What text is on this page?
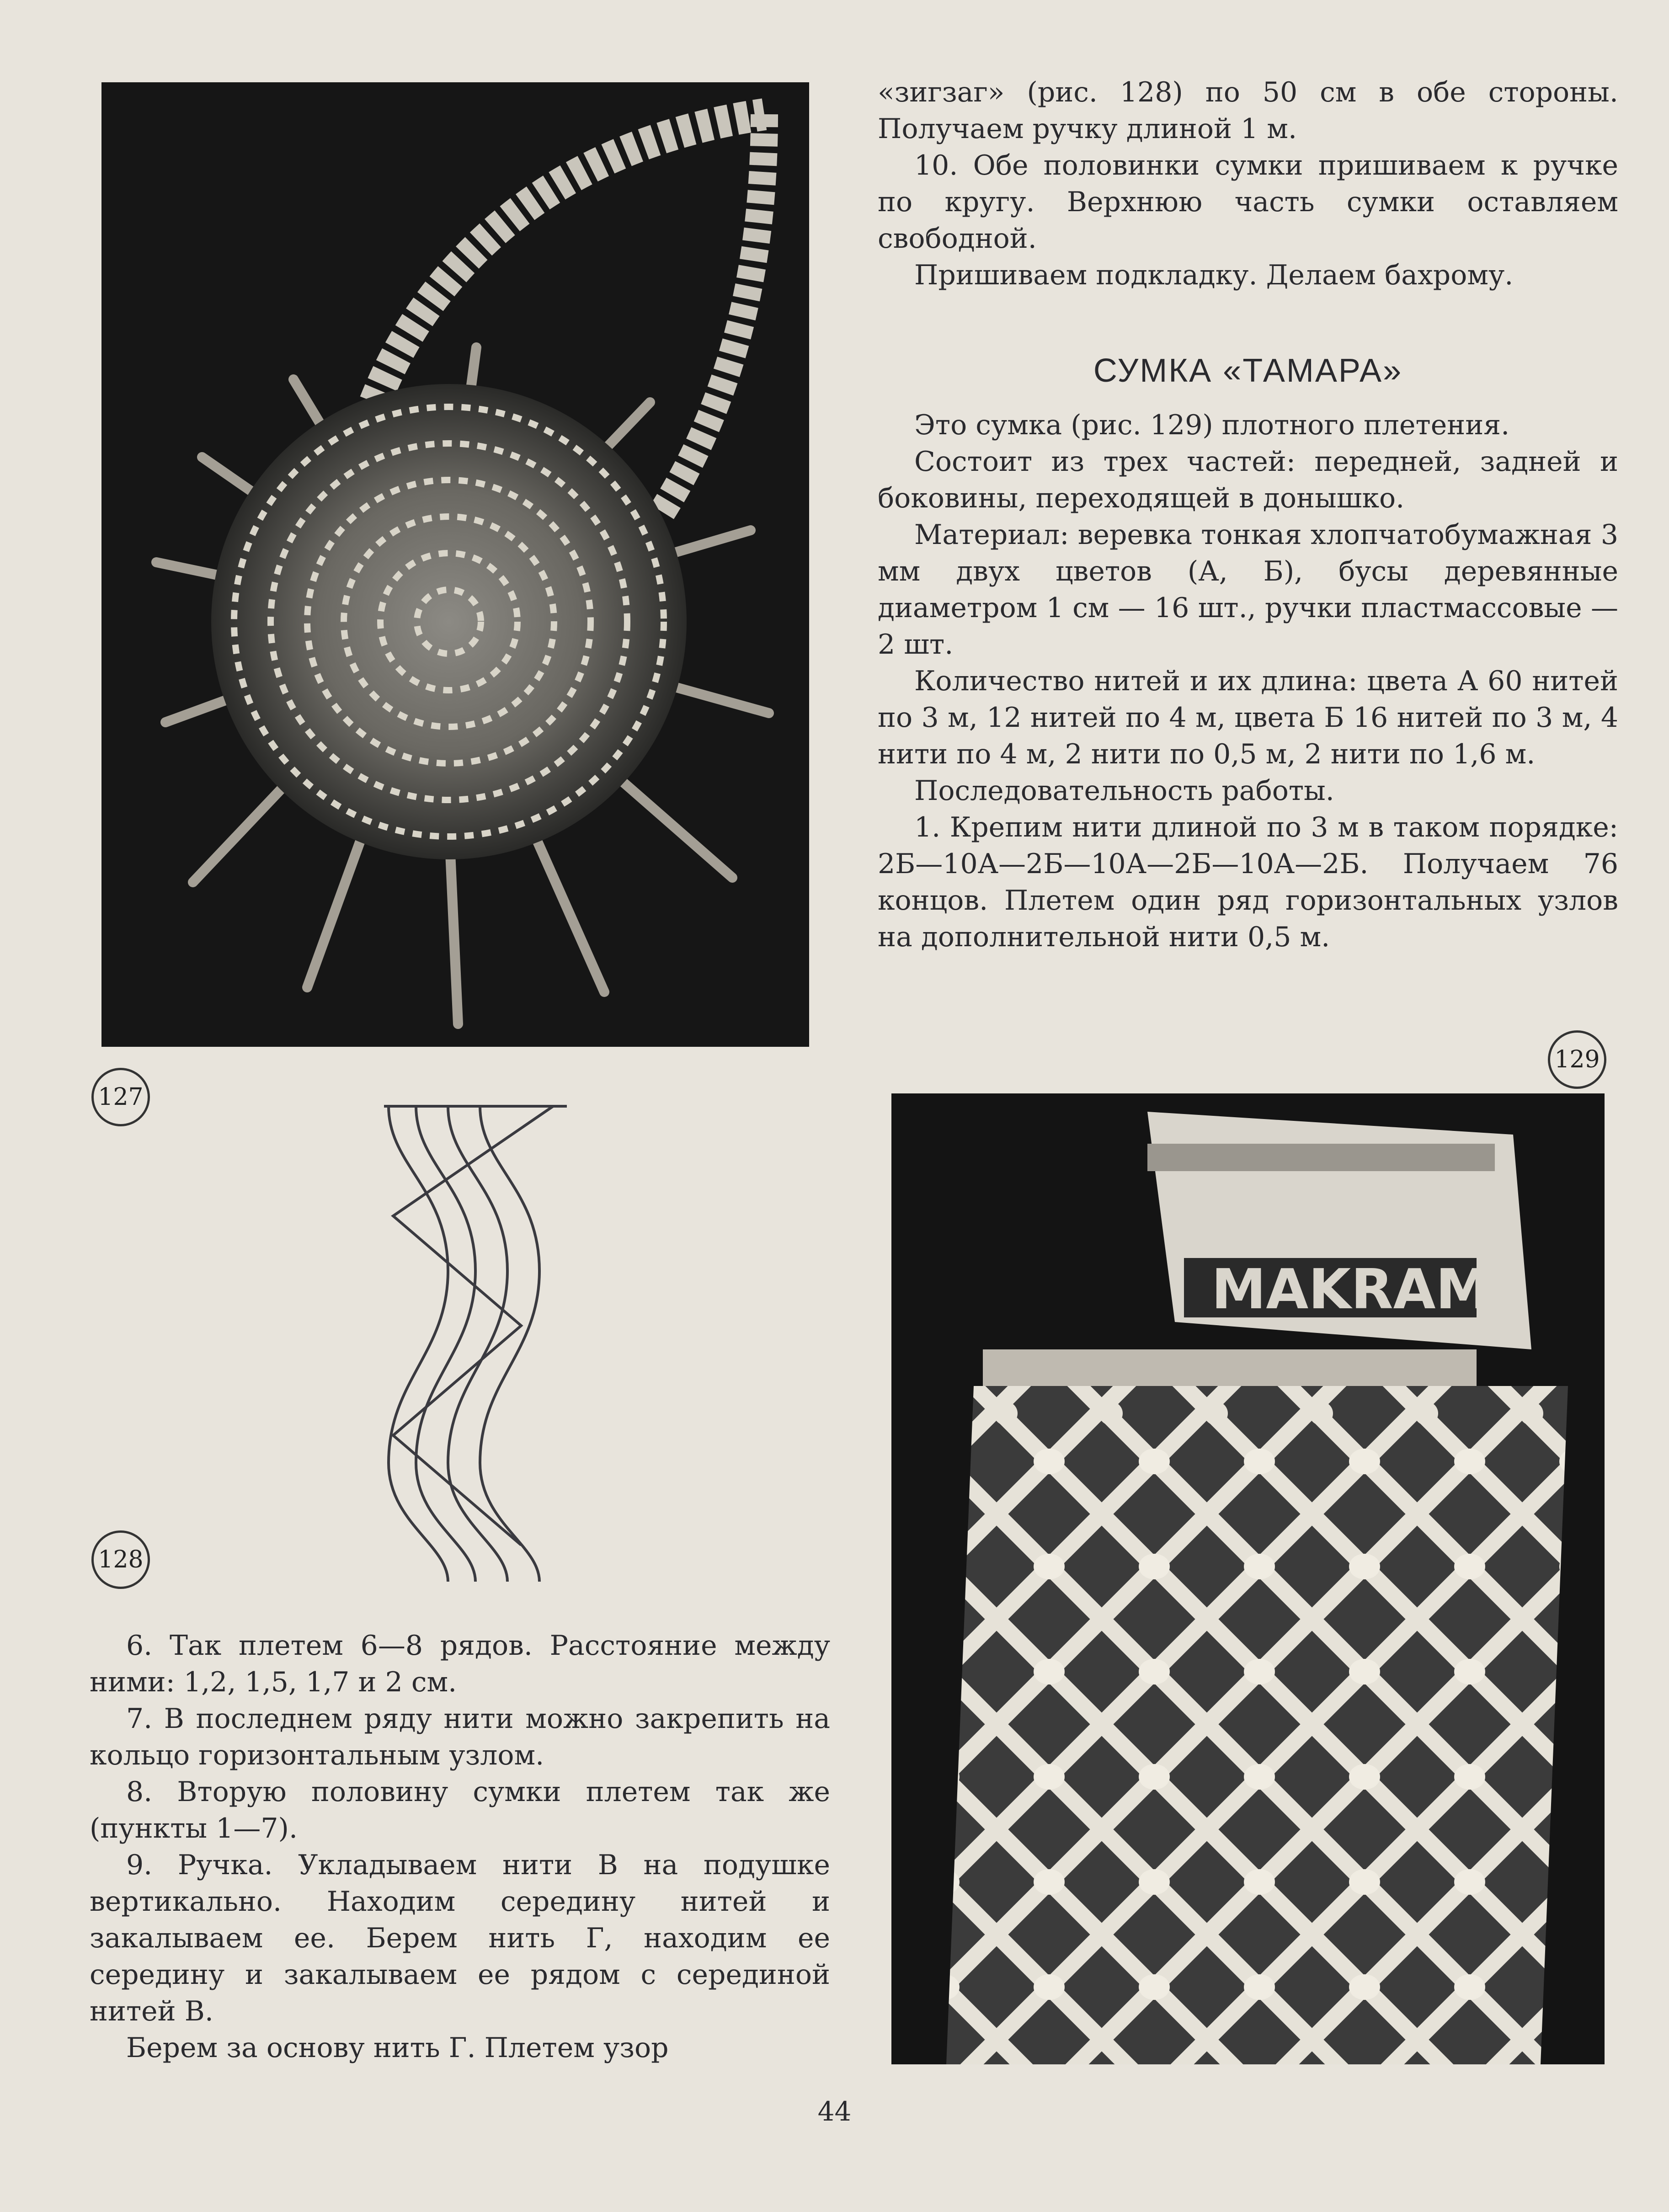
127
128

6. Так плетем 6—8 рядов. Расстояние между ними: 1,2, 1,5, 1,7 и 2 см.

7. В последнем ряду нити можно закрепить на кольцо горизонтальным узлом.

8. Вторую половину сумки плетем так же (пункты 1—7).

9. Ручка. Укладываем нити В на подушке вертикально. Находим середину нитей и закалываем ее. Берем нить Г, находим ее середину и закалываем ее рядом с серединой нитей В.

Берем за основу нить Г. Плетем узор

«зигзаг» (рис. 128) по 50 см в обе стороны. Получаем ручку длиной 1 м.

10. Обе половинки сумки пришиваем к ручке по кругу. Верхнюю часть сумки оставляем свободной.

Пришиваем подкладку. Делаем бахрому.

СУМКА «ТАМАРА»

Это сумка (рис. 129) плотного плетения.

Состоит из трех частей: передней, задней и боковины, переходящей в донышко.

Материал: веревка тонкая хлопчатобумажная 3 мм двух цветов (А, Б), бусы деревянные диаметром 1 см — 16 шт., ручки пластмассовые — 2 шт.

Количество нитей и их длина: цвета А 60 нитей по 3 м, 12 нитей по 4 м, цвета Б 16 нитей по 3 м, 4 нити по 4 м, 2 нити по 0,5 м, 2 нити по 1,6 м.

Последовательность работы.

1. Крепим нити длиной по 3 м в таком порядке: 2Б—10А—2Б—10А—2Б—10А—2Б. Получаем 76 концов. Плетем один ряд горизонтальных узлов на дополнительной нити 0,5 м.

129
MAKRAM
44
